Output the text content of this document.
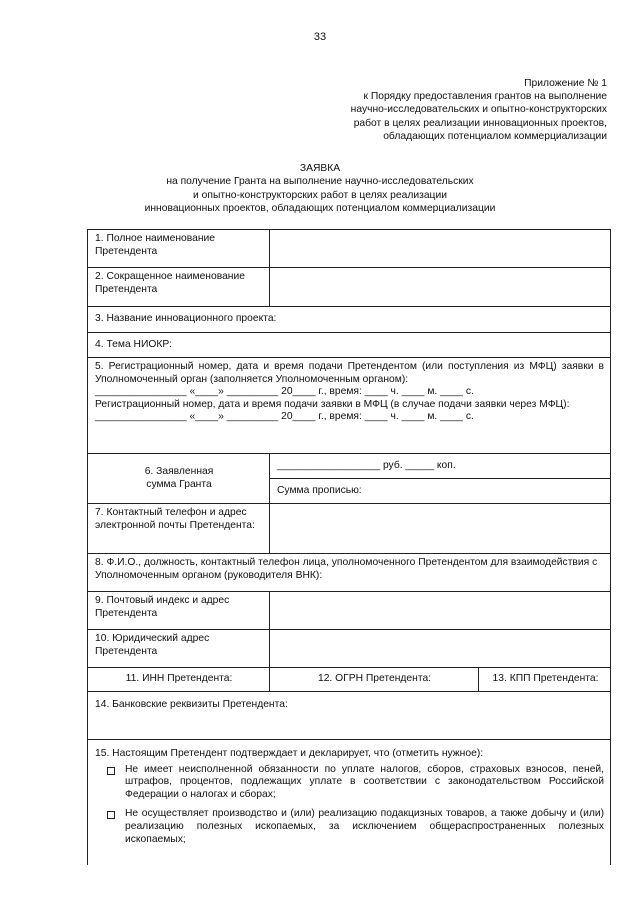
33
Приложение № 1
к Порядку предоставления грантов на выполнение
научно-исследовательских и опытно-конструкторских
работ в целях реализации инновационных проектов,
обладающих потенциалом коммерциализации
ЗАЯВКА
на получение Гранта на выполнение научно-исследовательских
и опытно-конструкторских работ в целях реализации
инновационных проектов, обладающих потенциалом коммерциализации
1. Полное наименование Претендента		
2. Сокращенное наименование Претендента		
3. Название инновационного проекта:		
4. Тема НИОКР:		

5. Регистрационный номер, дата и время подачи Претендентом (или поступления из МФЦ) заявки в Уполномоченный орган (заполняется Уполномоченным органом):
________________ «____» _________ 20____ г., время: ____ ч. ____ м. ____ с.
Регистрационный номер, дата и время подачи заявки в МФЦ (в случае подачи заявки через МФЦ):
________________ «____» _________ 20____ г., время: ____ ч. ____ м. ____ с.		

6. Заявленная
сумма Гранта	__________________ руб. _____ коп.	
	Сумма прописью:	
7. Контактный телефон и адрес электронной почты Претендента:		
8. Ф.И.О., должность, контактный телефон лица, уполномоченного Претендентом для взаимодействия с Уполномоченным органом (руководителя ВНК):		
9. Почтовый индекс и адрес Претендента		
10. Юридический адрес Претендента		
11. ИНН Претендента:	12. ОГРН Претендента:	13. КПП Претендента:

14. Банковские реквизиты Претендента:		

15. Настоящим Претендент подтверждает и декларирует, что (отметить нужное):
Не имеет неисполненной обязанности по уплате налогов, сборов, страховых взносов, пеней, штрафов, процентов, подлежащих уплате в соответствии с законодательством Российской Федерации о налогах и сборах;
Не осуществляет производство и (или) реализацию подакцизных товаров, а также добычу и (или) реализацию полезных ископаемых, за исключением общераспространенных полезных ископаемых;		
